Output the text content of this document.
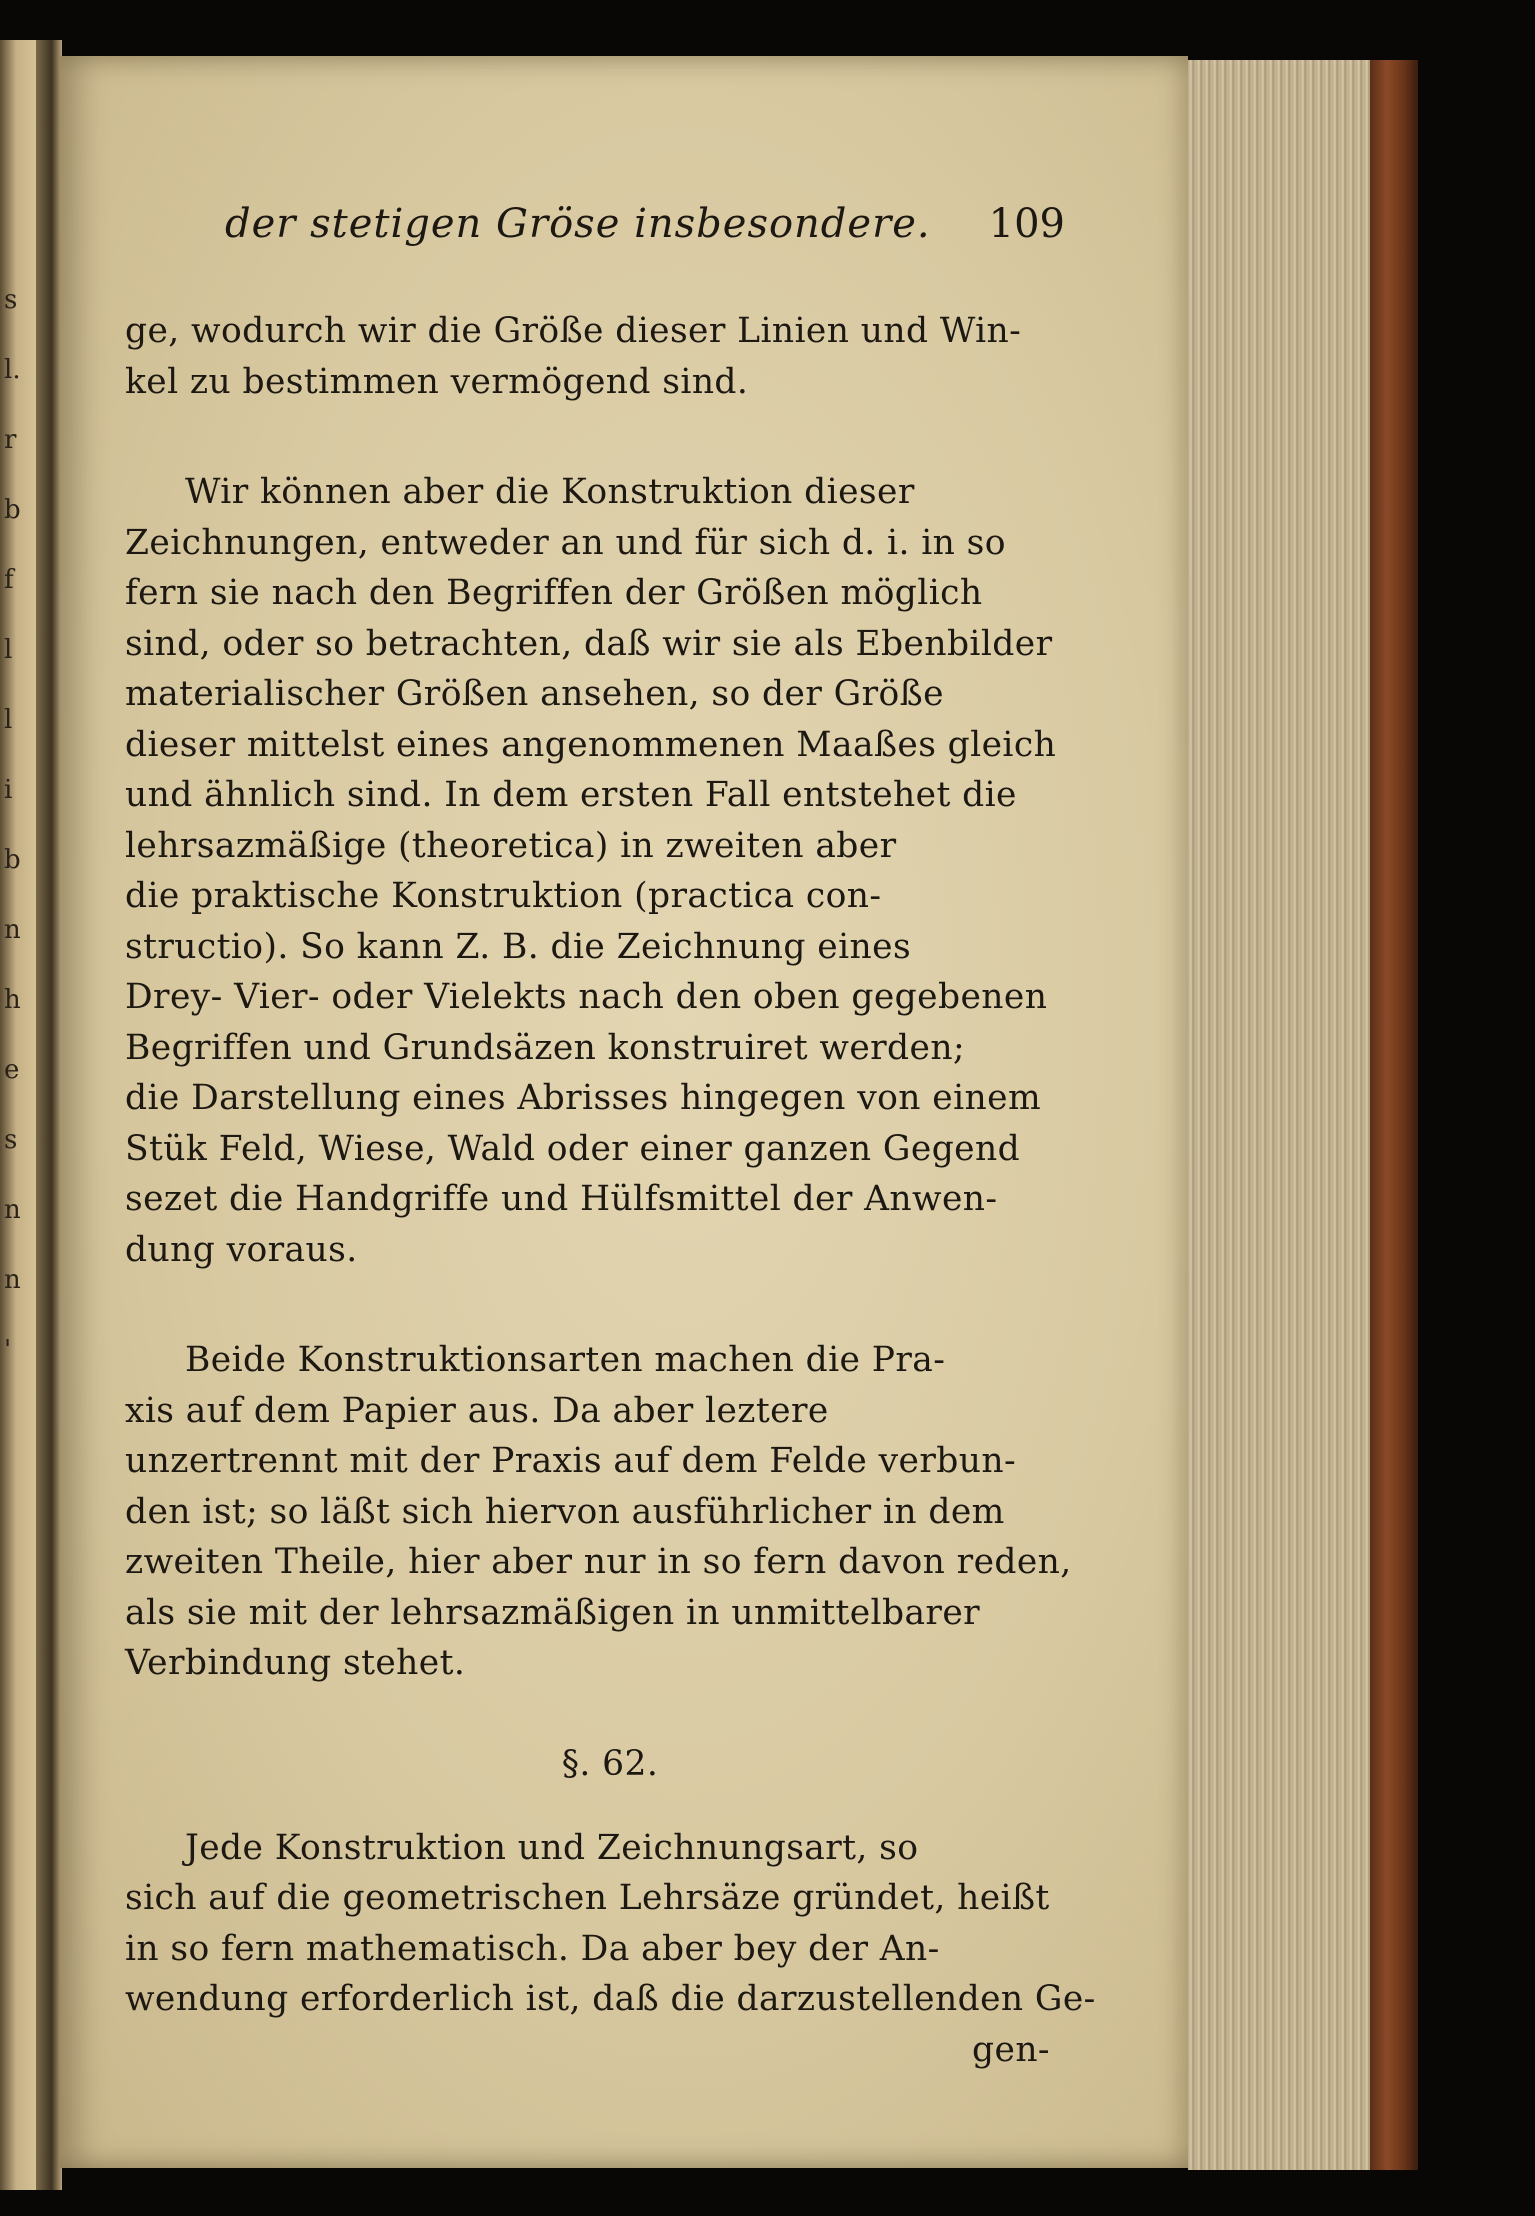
s
l.
r
b
f
l
l
i
b
n
h
e
s
n
n
'
der stetigen Gröse insbesondere. 109
ge, wodurch wir die Größe dieser Linien und Win-
kel zu bestimmen vermögend sind.
Wir können aber die Konstruktion dieser
Zeichnungen, entweder an und für sich d. i. in so
fern sie nach den Begriffen der Größen möglich
sind, oder so betrachten, daß wir sie als Ebenbilder
materialischer Größen ansehen, so der Größe
dieser mittelst eines angenommenen Maaßes gleich
und ähnlich sind. In dem ersten Fall entstehet die
lehrsazmäßige (theoretica) in zweiten aber
die praktische Konstruktion (practica con-
structio). So kann Z. B. die Zeichnung eines
Drey- Vier- oder Vielekts nach den oben gegebenen
Begriffen und Grundsäzen konstruiret werden;
die Darstellung eines Abrisses hingegen von einem
Stük Feld, Wiese, Wald oder einer ganzen Gegend
sezet die Handgriffe und Hülfsmittel der Anwen-
dung voraus.
Beide Konstruktionsarten machen die Pra-
xis auf dem Papier aus. Da aber leztere
unzertrennt mit der Praxis auf dem Felde verbun-
den ist; so läßt sich hiervon ausführlicher in dem
zweiten Theile, hier aber nur in so fern davon reden,
als sie mit der lehrsazmäßigen in unmittelbarer
Verbindung stehet.
§. 62.
Jede Konstruktion und Zeichnungsart, so
sich auf die geometrischen Lehrsäze gründet, heißt
in so fern mathematisch. Da aber bey der An-
wendung erforderlich ist, daß die darzustellenden Ge-
gen-
